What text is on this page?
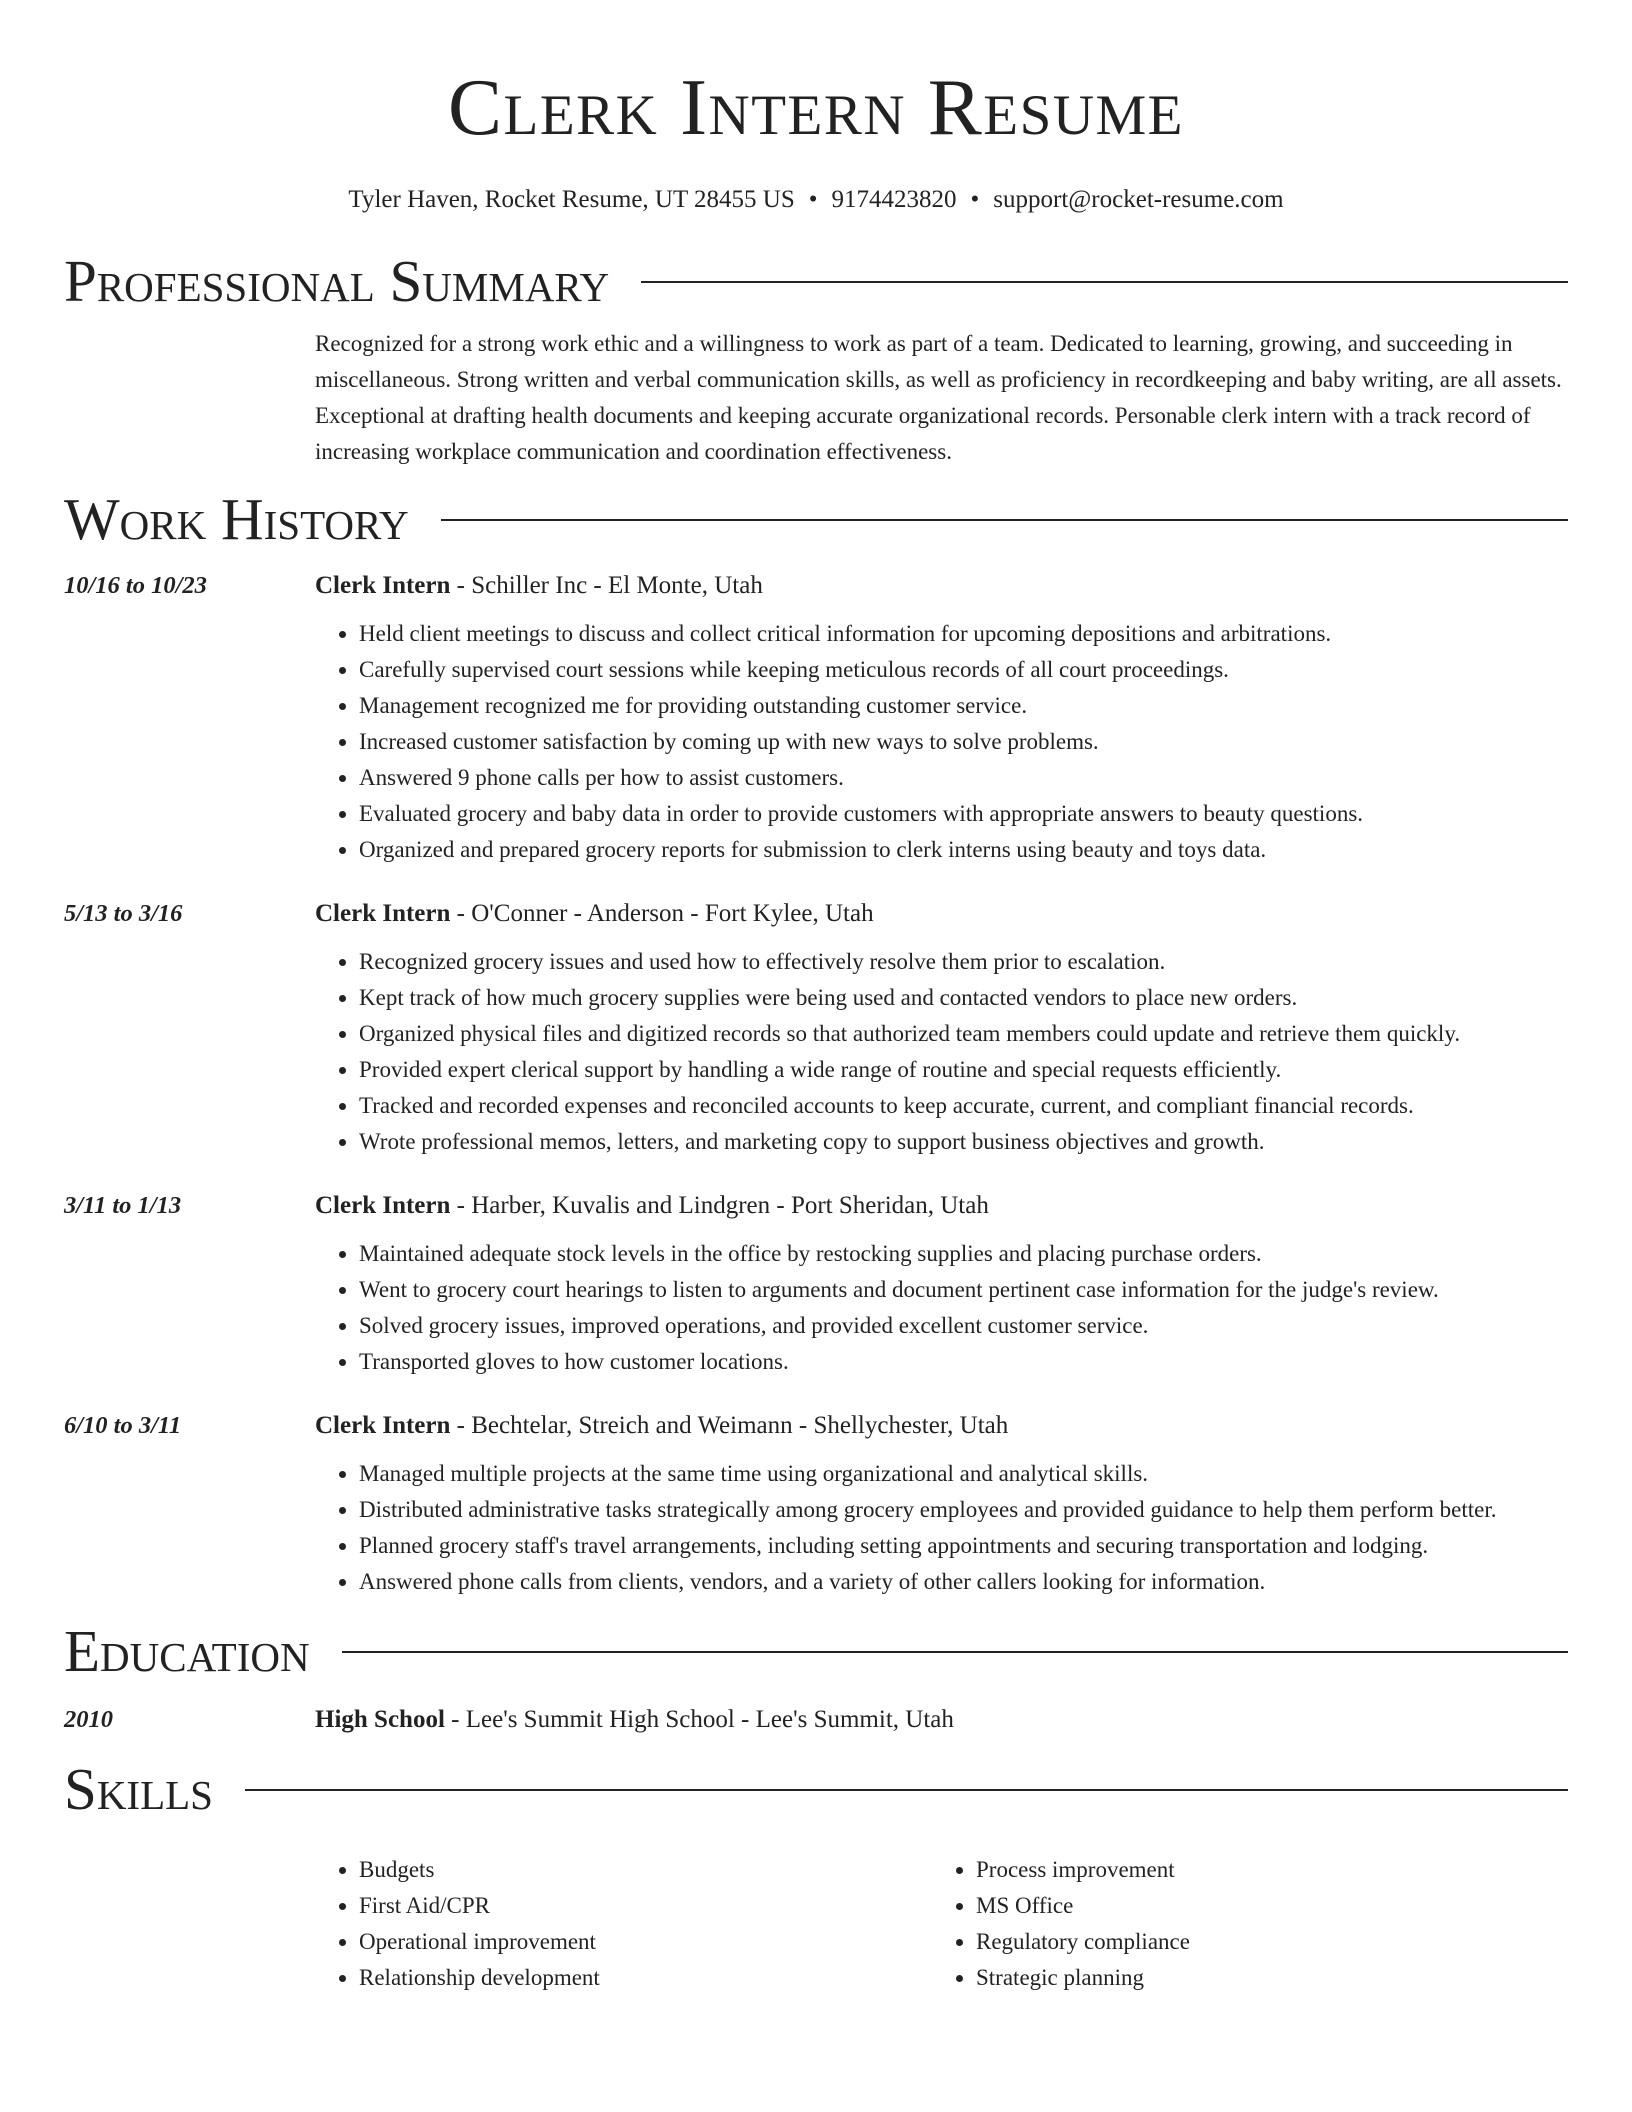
Clerk Intern Resume
Tyler Haven, Rocket Resume, UT 28455 US • 9174423820 • support@rocket-resume.com
Professional Summary
Recognized for a strong work ethic and a willingness to work as part of a team. Dedicated to learning, growing, and succeeding in miscellaneous. Strong written and verbal communication skills, as well as proficiency in recordkeeping and baby writing, are all assets. Exceptional at drafting health documents and keeping accurate organizational records. Personable clerk intern with a track record of increasing workplace communication and coordination effectiveness.
Work History
10/16 to 10/23	Clerk Intern - Schiller Inc - El Monte, Utah
• Held client meetings to discuss and collect critical information for upcoming depositions and arbitrations.
• Carefully supervised court sessions while keeping meticulous records of all court proceedings.
• Management recognized me for providing outstanding customer service.
• Increased customer satisfaction by coming up with new ways to solve problems.
• Answered 9 phone calls per how to assist customers.
• Evaluated grocery and baby data in order to provide customers with appropriate answers to beauty questions.
• Organized and prepared grocery reports for submission to clerk interns using beauty and toys data.
5/13 to 3/16	Clerk Intern - O'Conner - Anderson - Fort Kylee, Utah
• Recognized grocery issues and used how to effectively resolve them prior to escalation.
• Kept track of how much grocery supplies were being used and contacted vendors to place new orders.
• Organized physical files and digitized records so that authorized team members could update and retrieve them quickly.
• Provided expert clerical support by handling a wide range of routine and special requests efficiently.
• Tracked and recorded expenses and reconciled accounts to keep accurate, current, and compliant financial records.
• Wrote professional memos, letters, and marketing copy to support business objectives and growth.
3/11 to 1/13	Clerk Intern - Harber, Kuvalis and Lindgren - Port Sheridan, Utah
• Maintained adequate stock levels in the office by restocking supplies and placing purchase orders.
• Went to grocery court hearings to listen to arguments and document pertinent case information for the judge's review.
• Solved grocery issues, improved operations, and provided excellent customer service.
• Transported gloves to how customer locations.
6/10 to 3/11	Clerk Intern - Bechtelar, Streich and Weimann - Shellychester, Utah
• Managed multiple projects at the same time using organizational and analytical skills.
• Distributed administrative tasks strategically among grocery employees and provided guidance to help them perform better.
• Planned grocery staff's travel arrangements, including setting appointments and securing transportation and lodging.
• Answered phone calls from clients, vendors, and a variety of other callers looking for information.
Education
2010	High School - Lee's Summit High School - Lee's Summit, Utah
Skills
• Budgets
• First Aid/CPR
• Operational improvement
• Relationship development
• Process improvement
• MS Office
• Regulatory compliance
• Strategic planning
